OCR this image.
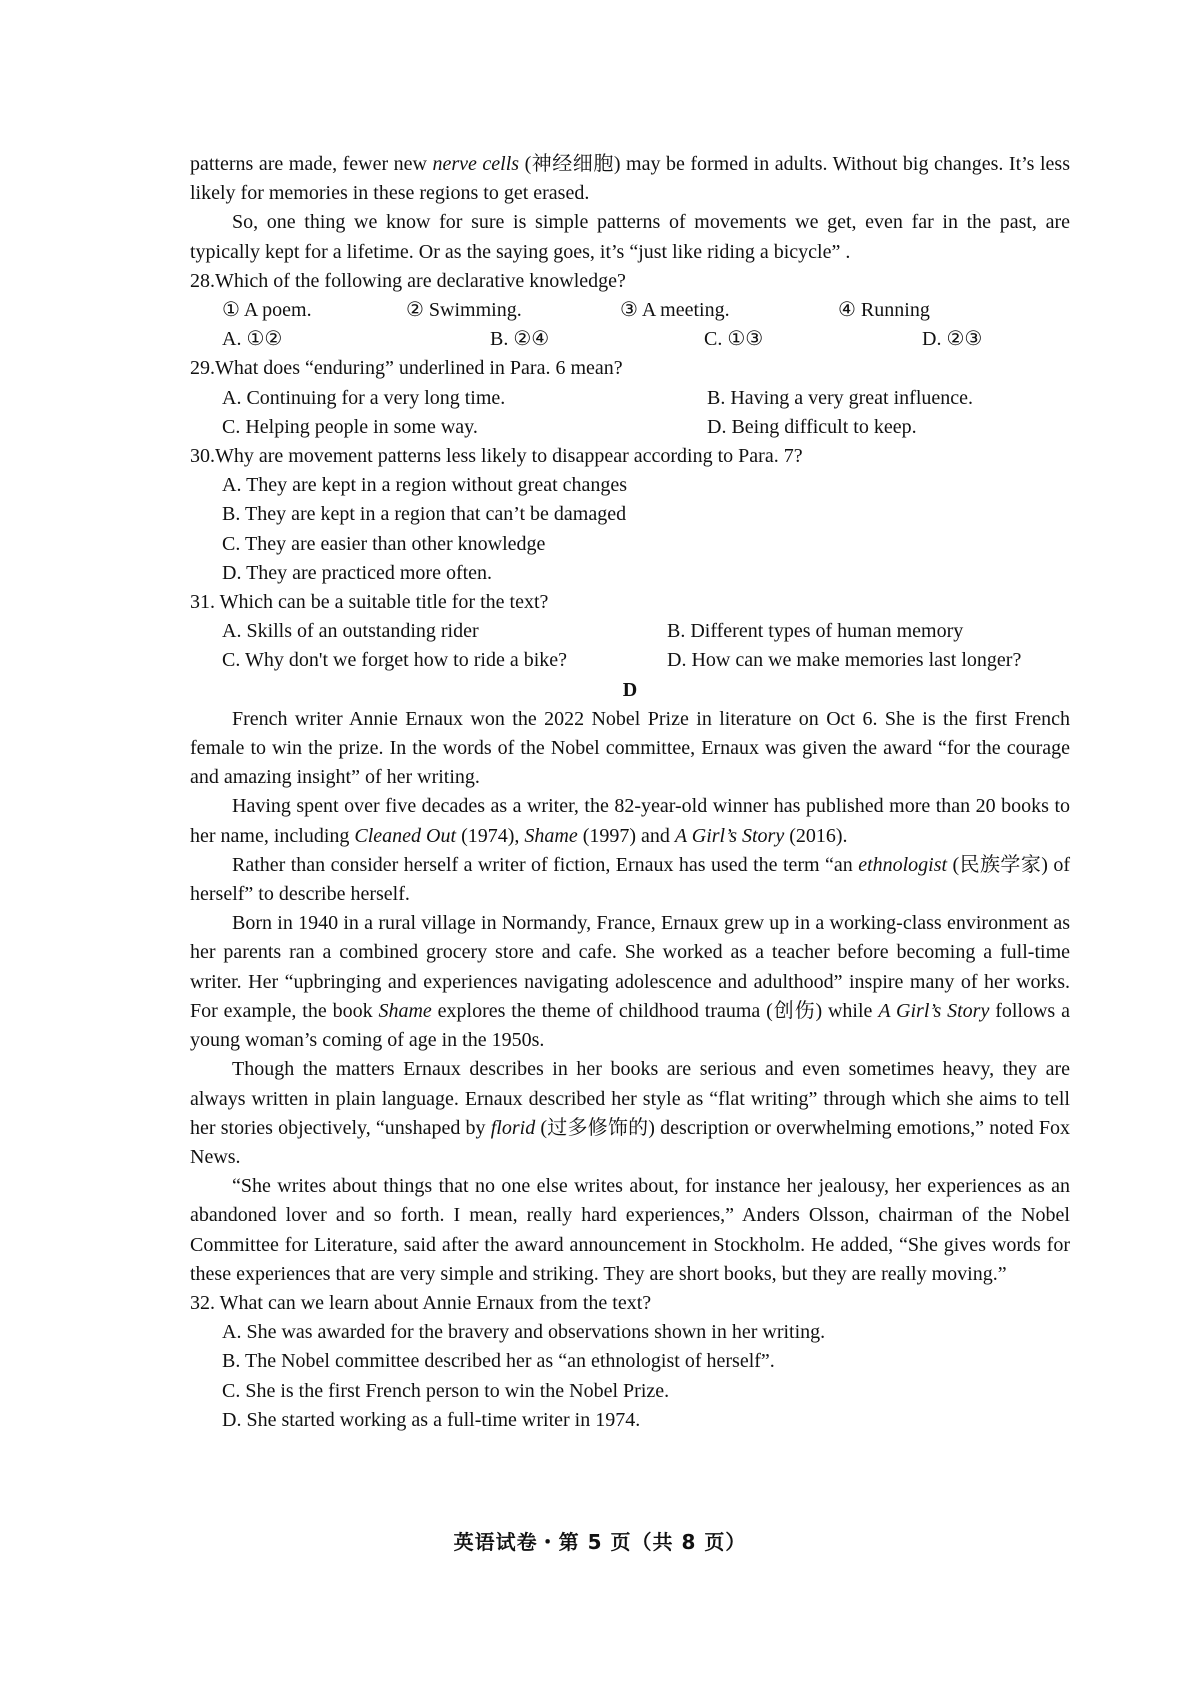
patterns are made, fewer new nerve cells (神经细胞) may be formed in adults. Without big changes. It’s less likely for memories in these regions to get erased.

So, one thing we know for sure is simple patterns of movements we get, even far in the past, are typically kept for a lifetime. Or as the saying goes, it’s “just like riding a bicycle” .

28.Which of the following are declarative knowledge?

① A poem.	② Swimming.	③ A meeting.	④ Running
A. ①②	B. ②④	C. ①③	D. ②③

29.What does “enduring” underlined in Para. 6 mean?

A. Continuing for a very long time.	B. Having a very great influence.
C. Helping people in some way.	D. Being difficult to keep.

30.Why are movement patterns less likely to disappear according to Para. 7?

A. They are kept in a region without great changes
B. They are kept in a region that can’t be damaged
C. They are easier than other knowledge
D. They are practiced more often.

31. Which can be a suitable title for the text?

A. Skills of an outstanding rider	B. Different types of human memory
C. Why don't we forget how to ride a bike?	D. How can we make memories last longer?
D

French writer Annie Ernaux won the 2022 Nobel Prize in literature on Oct 6. She is the first French female to win the prize. In the words of the Nobel committee, Ernaux was given the award “for the courage and amazing insight” of her writing.

Having spent over five decades as a writer, the 82-year-old winner has published more than 20 books to her name, including Cleaned Out (1974), Shame (1997) and A Girl’s Story (2016).

Rather than consider herself a writer of fiction, Ernaux has used the term “an ethnologist (民族学家) of herself” to describe herself.

Born in 1940 in a rural village in Normandy, France, Ernaux grew up in a working-class environment as her parents ran a combined grocery store and cafe. She worked as a teacher before becoming a full-time writer. Her “upbringing and experiences navigating adolescence and adulthood” inspire many of her works. For example, the book Shame explores the theme of childhood trauma (创伤) while A Girl’s Story follows a young woman’s coming of age in the 1950s.

Though the matters Ernaux describes in her books are serious and even sometimes heavy, they are always written in plain language. Ernaux described her style as “flat writing” through which she aims to tell her stories objectively, “unshaped by florid (过多修饰的) description or overwhelming emotions,” noted Fox News.

“She writes about things that no one else writes about, for instance her jealousy, her experiences as an abandoned lover and so forth. I mean, really hard experiences,” Anders Olsson, chairman of the Nobel Committee for Literature, said after the award announcement in Stockholm. He added, “She gives words for these experiences that are very simple and striking. They are short books, but they are really moving.”

32. What can we learn about Annie Ernaux from the text?

A. She was awarded for the bravery and observations shown in her writing.
B. The Nobel committee described her as “an ethnologist of herself”.
C. She is the first French person to win the Nobel Prize.
D. She started working as a full-time writer in 1974.
英语试卷・第 5 页（共 8 页）
